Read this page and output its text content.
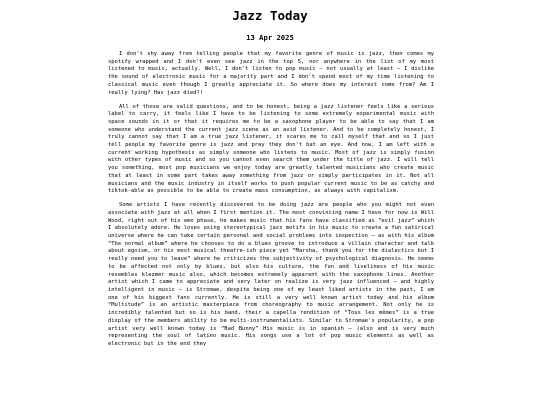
Jazz Today
13 Apr 2025

I don't shy away from telling people that my favorite genre of music is jazz, then comes my spotify wrapped and I don't even see jazz in the top 5, nor anywhere in the list of my most listened to music, actually. Well, I don't listen to pop music – not usually at least – I dislike the sound of electronic music for a majority part and I don't spend most of my time listening to classical music even though I greatly appreciate it. So where does my interest come from? Am I really lying? Has jazz died?!

All of those are valid questions, and to be honest, being a jazz listener feels like a serious label to carry, it feels like I have to be listening to some extremely experimental music with space sounds in it or that it requires me to be a saxophone player to be able to say that I am someone who understand the current jazz scene as an avid listener. And to be completely honest, I truly cannot say that I am a true jazz listener, it scares me to call myself that and so I just tell people my favorite genre is jazz and pray they don't bat an eye. And now, I am left with a current working hypothesis as simply someone who listens to music. Most of jazz is simply fusion with other types of music and so you cannot even search them under the title of jazz. I will tell you something, most pop musicians we enjoy today are greatly talented musicians who create music that at least in some part takes away something from jazz or simply participates in it. Not all musicians and the music industry in itself works to push popular current music to be as catchy and tiktok-able as possible to be able to create mass consumption, as always with capitalism.

Some artists I have recently discovered to be doing jazz are people who you might not even associate with jazz at all when I first mention it. The most convincing name I have for now is Will Wood, right out of his emo phase, he makes music that his fans have classified as “evil jazz” which I absolutely adore. He loves using stereotypical jazz motifs in his music to create a fun satirical universe where he can take certain personal and social problems into inspection – as with his album “The normal album” where he chooses to do a blues groove to introduce a villain character and talk about egoism, or his most musical theatre-ish piece yet “Marsha, thank you for the dialectics but I really need you to leave” where he criticizes the subjectivity of psychological diagnosis. He seems to be affected not only by blues, but also his culture, the fun and liveliness of his music resembles klezmer music also, which becomes extremely apparent with the saxophone lines. Another artist which I came to appreciate and very later on realize is very jazz influenced – and highly intelligent in music – is Stromae, despite being one of my least liked artists in the past, I am one of his biggest fans currently. He is still a very well known artist today and his album “Multitude” is an artistic masterpiece from choreography to music arrangement. Not only he is incredibly talented but so is his band, their a capella rendition of “Tous les mêmes” is a true display of the members ability to be multi-instrumentalists. Similar to Stromae's popularity, a pop artist very well known today is “Bad Bunny” His music is in spanish – (also and is very much representing the soul of latino music. His songs use a lot of pop music elements as well as electronic but in the end they
